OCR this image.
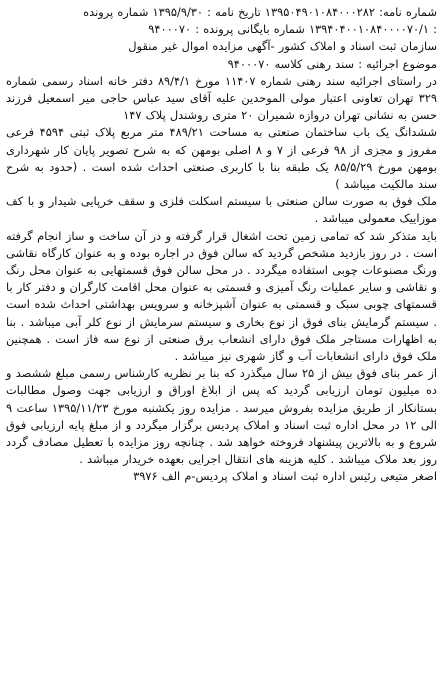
شماره نامه: ۱۳۹۵۰۴۹۰۱۰۸۴۰۰۰۲۸۲ تاریخ نامه : ۱۳۹۵/۹/۳۰ شماره پرونده

: ۱۳۹۴۰۴۰۰۱۰۸۴۰۰۰۰۷۰/۱ شماره بایگانی پرونده : ۹۴۰۰۰۷۰

سازمان ثبت اسناد و املاک کشور -آگهی مزایده اموال غیر منقول

موضوع اجرائیه : سند رهنی کلاسه ۹۴۰۰۰۷۰

در راستای اجرائیه سند رهنی شماره ۱۱۴۰۷ مورخ ۸۹/۴/۱ دفتر خانه اسناد رسمی شماره ۳۲۹ تهران تعاونی اعتبار مولی الموحدین علیه آقای سید عباس حاجی میر اسمعیل فرزند حسن به نشانی تهران دروازه شمیران ۲۰ متری روشندل پلاک ۱۴۷

ششدانگ یک باب ساختمان صنعتی به مساحت ۴۸۹/۲۱ متر مربع پلاک ثبتی ۴۵۹۴ فرعی مفروز و مجزی از ۹۸ فرعی از ۷ و ۸ اصلی بومهن که به شرح تصویر پایان کار شهرداری بومهن مورخ ۸۵/۵/۲۹ یک طبقه بنا با کاربری صنعتی احداث شده است . (حدود به شرح سند مالکیت میباشد )

ملک فوق به صورت سالن صنعتی با سیستم اسکلت فلزی و سقف خرپایی شیدار و با کف موزاییک معمولی میباشد .

باید متذکر شد که تمامی زمین تحت اشغال قرار گرفته و در آن ساخت و ساز انجام گرفته است . در روز بازدید مشخص گردید که سالن فوق در اجاره بوده و به عنوان کارگاه نقاشی ورنگ مصنوعات چوبی استفاده میگردد . در محل سالن فوق قسمتهایی به عنوان محل رنگ و نقاشی و سایر عملیات رنگ آمیزی و قسمتی به عنوان محل اقامت کارگران و دفتر کار با قسمتهای چوبی سبک و قسمتی به عنوان آشپزخانه و سرویس بهداشتی احداث شده است . سیستم گرمایش بنای فوق از نوع بخاری و سیستم سرمایش از نوع کلر آبی میباشد . بنا به اظهارات مستاجر ملک فوق دارای انشعاب برق صنعتی از نوع سه فاز است . همچنین ملک فوق دارای انشعابات آب و گاز شهری نیز میباشد .

از عمر بنای فوق بیش از ۲۵ سال میگذرد که بنا بر نظریه کارشناس رسمی مبلغ ششصد و ده میلیون تومان ارزیابی گردید که پس از ابلاغ اوراق و ارزیابی جهت وصول مطالبات بستانکار از طریق مزایده بفروش میرسد . مزایده روز یکشنبه مورخ ۱۳۹۵/۱۱/۲۳ ساعت ۹ الی ۱۲ در محل اداره ثبت اسناد و املاک پردیس برگزار میگردد و از مبلغ پایه ارزیابی فوق شروع و به بالاترین پیشنهاد فروخته خواهد شد . چنانچه روز مزایده با تعطیل مصادف گردد روز بعد ملاک میباشد . کلیه هزینه های انتقال اجرایی بعهده خریدار میباشد .

اصغر متیعی رئیس اداره ثبت اسناد و املاک پردیس-م الف ۳۹۷۶
